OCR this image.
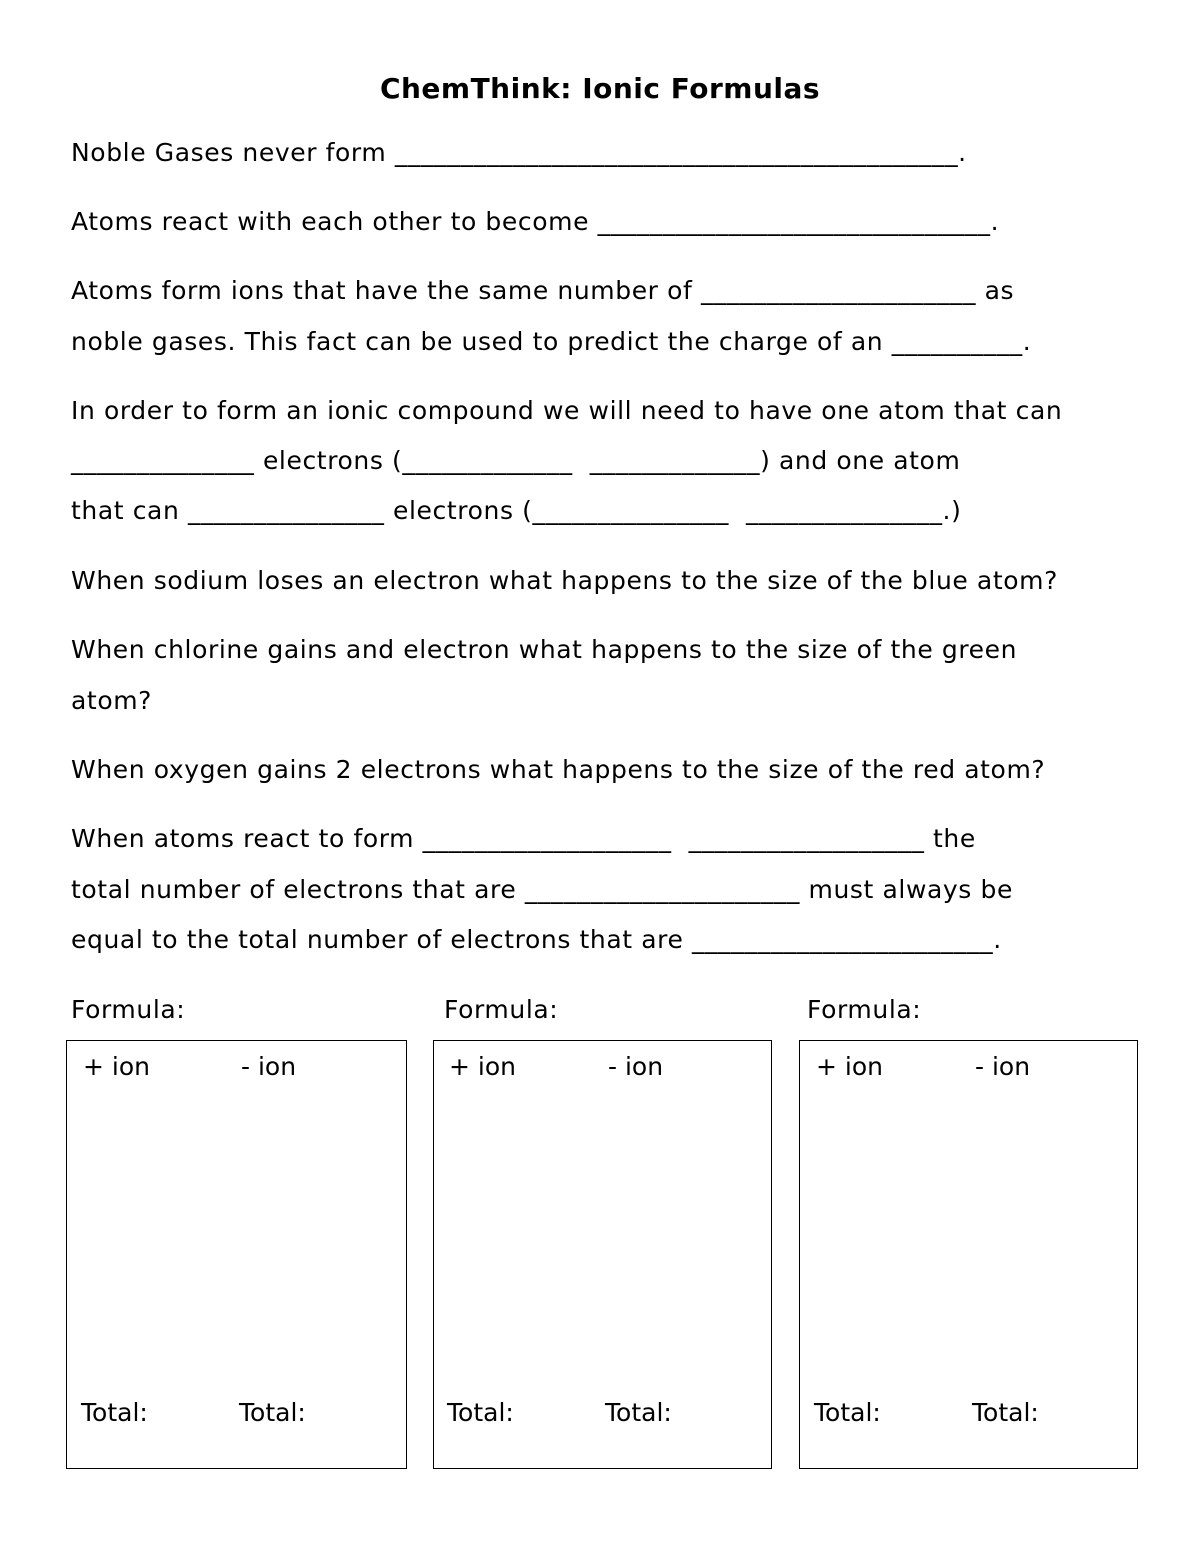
ChemThink: Ionic Formulas
Noble Gases never form ___________________________________________.
Atoms react with each other to become ______________________________.
Atoms form ions that have the same number of _____________________ as
noble gases. This fact can be used to predict the charge of an __________.
In order to form an ionic compound we will need to have one atom that can
______________ electrons (_____________  _____________) and one atom
that can _______________ electrons (_______________  _______________.)
When sodium loses an electron what happens to the size of the blue atom?
When chlorine gains and electron what happens to the size of the green
atom?
When oxygen gains 2 electrons what happens to the size of the red atom?
When atoms react to form ___________________  __________________ the
total number of electrons that are _____________________ must always be
equal to the total number of electrons that are _______________________.
Formula:	Formula:	Formula:
+ ion	- ion
Total:	Total:
+ ion	- ion
Total:	Total:
+ ion	- ion
Total:	Total:
